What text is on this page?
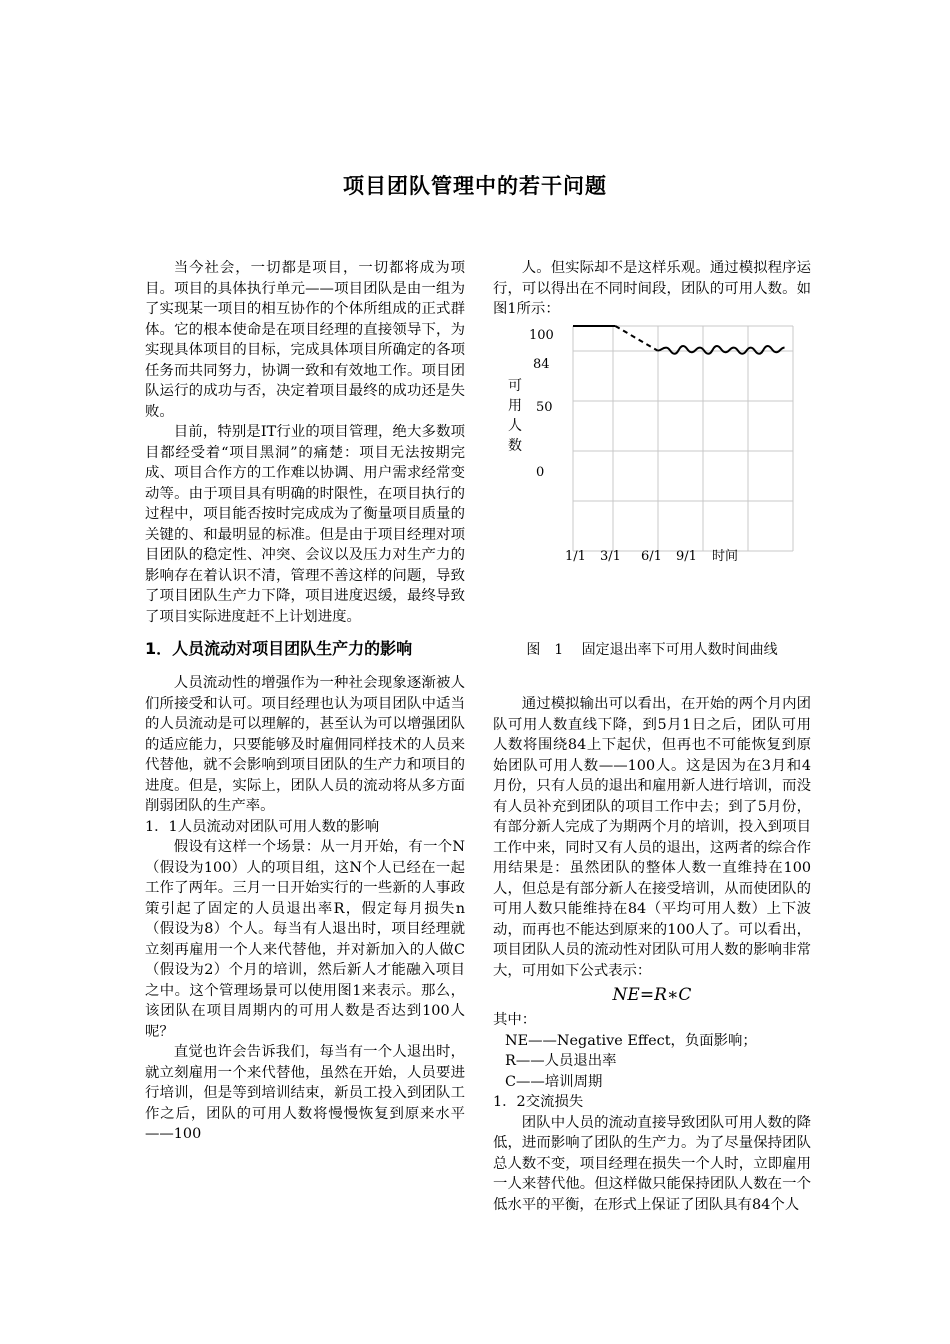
项目团队管理中的若干问题

当今社会，一切都是项目，一切都将成为项目。项目的具体执行单元——项目团队是由一组为了实现某一项目的相互协作的个体所组成的正式群体。它的根本使命是在项目经理的直接领导下，为实现具体项目的目标，完成具体项目所确定的各项任务而共同努力，协调一致和有效地工作。项目团队运行的成功与否，决定着项目最终的成功还是失败。

目前，特别是IT行业的项目管理，绝大多数项目都经受着“项目黑洞”的痛楚：项目无法按期完成、项目合作方的工作难以协调、用户需求经常变动等。由于项目具有明确的时限性，在项目执行的过程中，项目能否按时完成成为了衡量项目质量的关键的、和最明显的标准。但是由于项目经理对项目团队的稳定性、冲突、会议以及压力对生产力的影响存在着认识不清，管理不善这样的问题，导致了项目团队生产力下降，项目进度迟缓，最终导致了项目实际进度赶不上计划进度。

1．人员流动对项目团队生产力的影响

人员流动性的增强作为一种社会现象逐渐被人们所接受和认可。项目经理也认为项目团队中适当的人员流动是可以理解的，甚至认为可以增强团队的适应能力，只要能够及时雇佣同样技术的人员来代替他，就不会影响到项目团队的生产力和项目的进度。但是，实际上，团队人员的流动将从多方面削弱团队的生产率。

1．1人员流动对团队可用人数的影响

假设有这样一个场景：从一月开始，有一个N（假设为100）人的项目组，这N个人已经在一起工作了两年。三月一日开始实行的一些新的人事政策引起了固定的人员退出率R，假定每月损失n（假设为8）个人。每当有人退出时，项目经理就立刻再雇用一个人来代替他，并对新加入的人做C（假设为2）个月的培训，然后新人才能融入项目之中。这个管理场景可以使用图1来表示。那么，该团队在项目周期内的可用人数是否达到100人呢？

直觉也许会告诉我们，每当有一个人退出时，就立刻雇用一个来代替他，虽然在开始，人员要进行培训，但是等到培训结束，新员工投入到团队工作之后，团队的可用人数将慢慢恢复到原来水平——100

人。但实际却不是这样乐观。通过模拟程序运行，可以得出在不同时间段，团队的可用人数。如图1所示：

100
84
50
0
可
用
人
数
1/1 3/1 6/1 9/1 时间

图　1　 固定退出率下可用人数时间曲线

通过模拟输出可以看出，在开始的两个月内团队可用人数直线下降，到5月1日之后，团队可用人数将围绕84上下起伏，但再也不可能恢复到原始团队可用人数——100人。这是因为在3月和4月份，只有人员的退出和雇用新人进行培训，而没有人员补充到团队的项目工作中去；到了5月份，有部分新人完成了为期两个月的培训，投入到项目工作中来，同时又有人员的退出，这两者的综合作用结果是：虽然团队的整体人数一直维持在100人，但总是有部分新人在接受培训，从而使团队的可用人数只能维持在84（平均可用人数）上下波动，而再也不能达到原来的100人了。可以看出，项目团队人员的流动性对团队可用人数的影响非常大，可用如下公式表示：

NE=R∗C

其中：

NE——Negative Effect，负面影响；

R——人员退出率

C——培训周期

1．2交流损失

团队中人员的流动直接导致团队可用人数的降低，进而影响了团队的生产力。为了尽量保持团队总人数不变，项目经理在损失一个人时，立即雇用一人来替代他。但这样做只能保持团队人数在一个低水平的平衡，在形式上保证了团队具有84个人
